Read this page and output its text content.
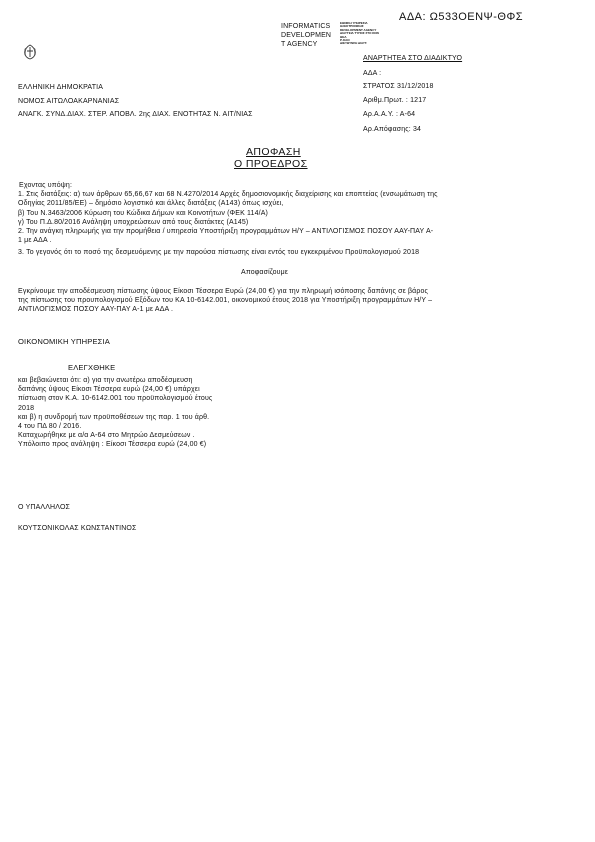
ΑΔΑ: Ω533ΟΕΝΨ-ΘΦΣ
INFORMATICS
DEVELOPMEN
T AGENCY
ΕΘΝΙΚΗ ΥΠΗΡΕΣΙΑ
ΗΛΕΚΤΡΟΝΙΚΗΣ
DEVELOPMENT AGENCY
ΔΙΑΥΓΕΙΑ ΤΥΠΟΣ ΣΤΟ ΚΝΝ
ΘΕΑ
Ρ-ΚΑΝ
ΔΙΕΥΘΥΝΣΗ ΔΙΑΥΓ.
ΑΝΑΡΤΗΤΕΑ ΣΤΟ ΔΙΑΔΙΚΤΥΟ
ΑΔΑ :
ΣΤΡΑΤΟΣ 31/12/2018
Αριθμ.Πρωτ. : 1217
Αρ.Α.Α.Υ. : Α-64
Αρ.Απόφασης: 34
ΕΛΛΗΝΙΚΗ ΔΗΜΟΚΡΑΤΙΑ
ΝΟΜΟΣ ΑΙΤΩΛΟΑΚΑΡΝΑΝΙΑΣ
ΑΝΑΓΚ. ΣΥΝΔ.ΔΙΑΧ. ΣΤΕΡ. ΑΠΟΒΛ. 2ης ΔΙΑΧ. ΕΝΟΤΗΤΑΣ Ν. ΑΙΤ/ΝΙΑΣ
ΑΠΟΦΑΣΗ
Ο ΠΡΟΕΔΡΟΣ
Εχοντας υπόψη:
1. Στις διατάξεις: α) των άρθρων 65,66,67 και 68 Ν.4270/2014 Αρχές δημοσιονομικής διαχείρισης και εποπτείας (ενσωμάτωση της
Οδηγίας 2011/85/ΕΕ) – δημόσιο λογιστικό και άλλες διατάξεις (Α143) όπως ισχύει,
β) Του Ν.3463/2006 Κύρωση του Κώδικα Δήμων και Κοινοτήτων (ΦΕΚ 114/Α)
γ) Του Π.Δ.80/2016 Ανάληψη υποχρεώσεων από τους διατάκτες (Α145)
2. Την ανάγκη πληρωμής για την προμήθεια / υπηρεσία Υποστήριξη προγραμμάτων Η/Υ – ΑΝΤΙΛΟΓΙΣΜΟΣ ΠΟΣΟΥ ΑΑΥ-ΠΑΥ Α-
1 με ΑΔΑ .
3. Το γεγονός ότι το ποσό της δεσμευόμενης με την παρούσα πίστωσης είναι εντός του εγκεκριμένου Προϋπολογισμού 2018
Αποφασίζουμε
Εγκρίνουμε την αποδέσμευση πίστωσης ύψους Είκοσι Τέσσερα Ευρώ (24,00 €) για την πληρωμή ισόποσης δαπάνης σε βάρος
της πίστωσης του προυπολογισμού Εξόδων του ΚΑ 10-6142.001, οικονομικού έτους 2018 για Υποστήριξη προγραμμάτων Η/Υ –
ΑΝΤΙΛΟΓΙΣΜΟΣ ΠΟΣΟΥ ΑΑΥ-ΠΑΥ Α-1 με ΑΔΑ .
ΟΙΚΟΝΟΜΙΚΗ ΥΠΗΡΕΣΙΑ
ΕΛΕΓΧΘΗΚΕ
και βεβαιώνεται ότι: α) για την ανωτέρω αποδέσμευση
δαπάνης ύψους Είκοσι Τέσσερα ευρώ (24,00 €) υπάρχει
πίστωση στον Κ.Α. 10-6142.001 του προϋπολογισμού έτους
2018
και β) η συνδρομή των προϋποθέσεων της παρ. 1 του άρθ.
4 του ΠΔ 80 / 2016.
Καταχωρήθηκε με α/α Α-64 στο Μητρώο Δεσμεύσεων .
Υπόλοιπο προς ανάληψη : Είκοσι Τέσσερα ευρώ (24,00 €)
Ο ΥΠΑΛΛΗΛΟΣ
ΚΟΥΤΣΟΝΙΚΟΛΑΣ ΚΩΝΣΤΑΝΤΙΝΟΣ
